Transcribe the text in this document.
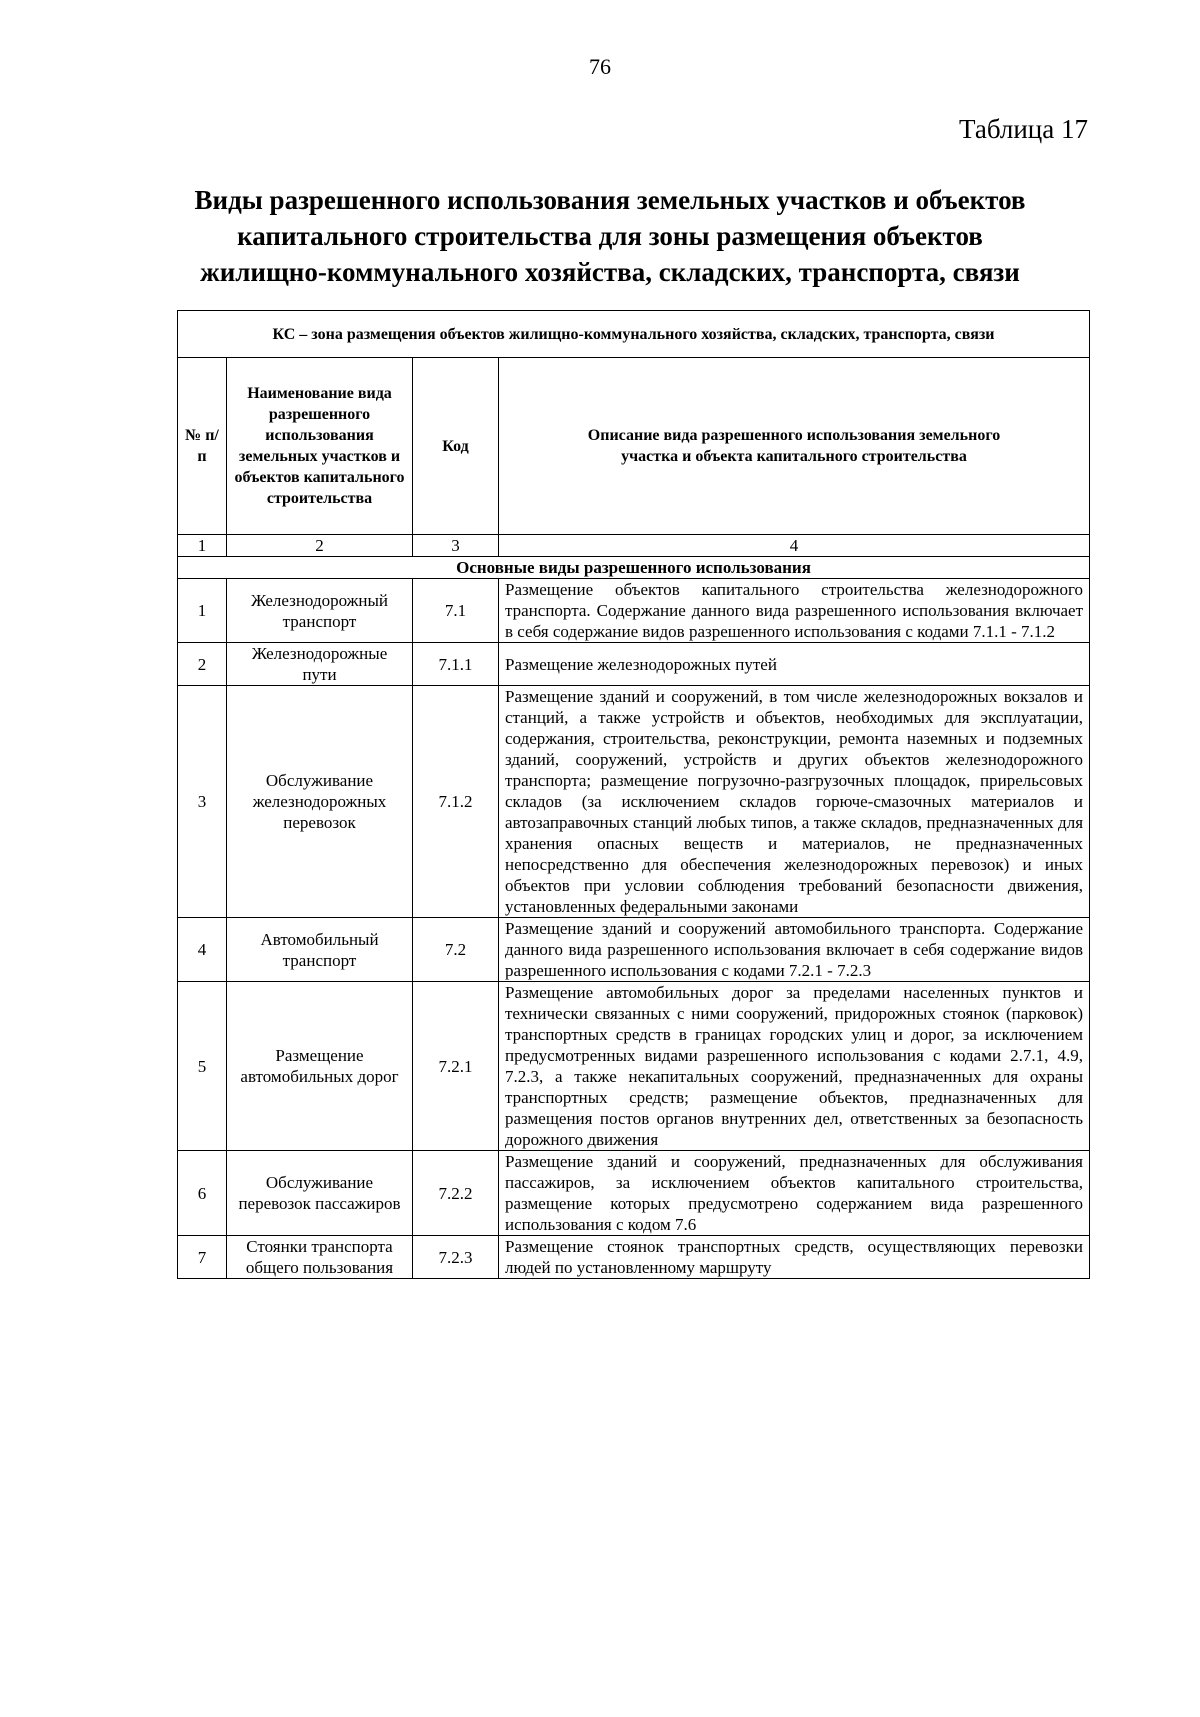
76
Таблица 17
Виды разрешенного использования земельных участков и объектов
капитального строительства для зоны размещения объектов
жилищно-коммунального хозяйства, складских, транспорта, связи
КС – зона размещения объектов жилищно-коммунального хозяйства, складских, транспорта, связи			
№ п/п	Наименование вида разрешенного использования земельных участков и объектов капитального строительства	Код	Описание вида разрешенного использования земельного участка и объекта капитального строительства
1	2	3	4
Основные виды разрешенного использования			
1	Железнодорожный транспорт	7.1	Размещение объектов капитального строительства железнодорожного транспорта. Содержание данного вида разрешенного использования включает в себя содержание видов разрешенного использования с кодами 7.1.1 - 7.1.2
2	Железнодорожные пути	7.1.1	Размещение железнодорожных путей
3	Обслуживание железнодорожных перевозок	7.1.2	Размещение зданий и сооружений, в том числе железнодорожных вокзалов и станций, а также устройств и объектов, необходимых для эксплуатации, содержания, строительства, реконструкции, ремонта наземных и подземных зданий, сооружений, устройств и других объектов железнодорожного транспорта; размещение погрузочно-разгрузочных площадок, прирельсовых складов (за исключением складов горюче-смазочных материалов и автозаправочных станций любых типов, а также складов, предназначенных для хранения опасных веществ и материалов, не предназначенных непосредственно для обеспечения железнодорожных перевозок) и иных объектов при условии соблюдения требований безопасности движения, установленных федеральными законами
4	Автомобильный транспорт	7.2	Размещение зданий и сооружений автомобильного транспорта. Содержание данного вида разрешенного использования включает в себя содержание видов разрешенного использования с кодами 7.2.1 - 7.2.3
5	Размещение автомобильных дорог	7.2.1	Размещение автомобильных дорог за пределами населенных пунктов и технически связанных с ними сооружений, придорожных стоянок (парковок) транспортных средств в границах городских улиц и дорог, за исключением предусмотренных видами разрешенного использования с кодами 2.7.1, 4.9, 7.2.3, а также некапитальных сооружений, предназначенных для охраны транспортных средств; размещение объектов, предназначенных для размещения постов органов внутренних дел, ответственных за безопасность дорожного движения
6	Обслуживание перевозок пассажиров	7.2.2	Размещение зданий и сооружений, предназначенных для обслуживания пассажиров, за исключением объектов капитального строительства, размещение которых предусмотрено содержанием вида разрешенного использования с кодом 7.6
7	Стоянки транспорта общего пользования	7.2.3	Размещение стоянок транспортных средств, осуществляющих перевозки людей по установленному маршруту
